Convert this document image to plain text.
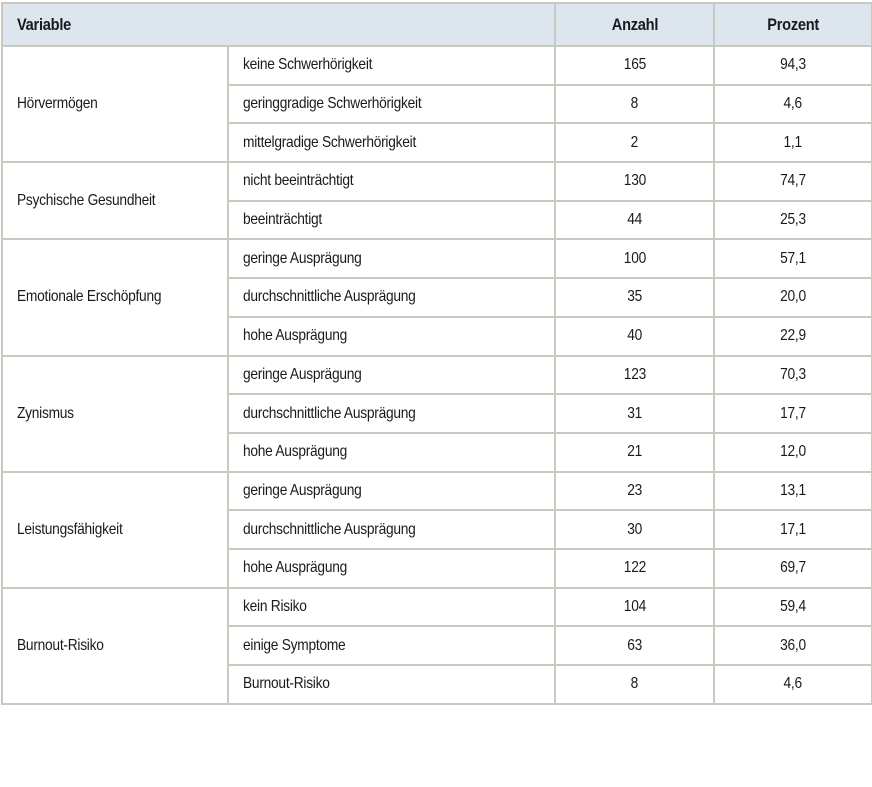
Variable		Anzahl	Prozent
Hörvermögen	keine Schwerhörigkeit	165	94,3
	geringgradige Schwerhörigkeit	8	4,6
	mittelgradige Schwerhörigkeit	2	1,1
Psychische Gesundheit	nicht beeinträchtigt	130	74,7
	beeinträchtigt	44	25,3
Emotionale Erschöpfung	geringe Ausprägung	100	57,1
	durchschnittliche Ausprägung	35	20,0
	hohe Ausprägung	40	22,9
Zynismus	geringe Ausprägung	123	70,3
	durchschnittliche Ausprägung	31	17,7
	hohe Ausprägung	21	12,0
Leistungsfähigkeit	geringe Ausprägung	23	13,1
	durchschnittliche Ausprägung	30	17,1
	hohe Ausprägung	122	69,7
Burnout-Risiko	kein Risiko	104	59,4
	einige Symptome	63	36,0
	Burnout-Risiko	8	4,6
